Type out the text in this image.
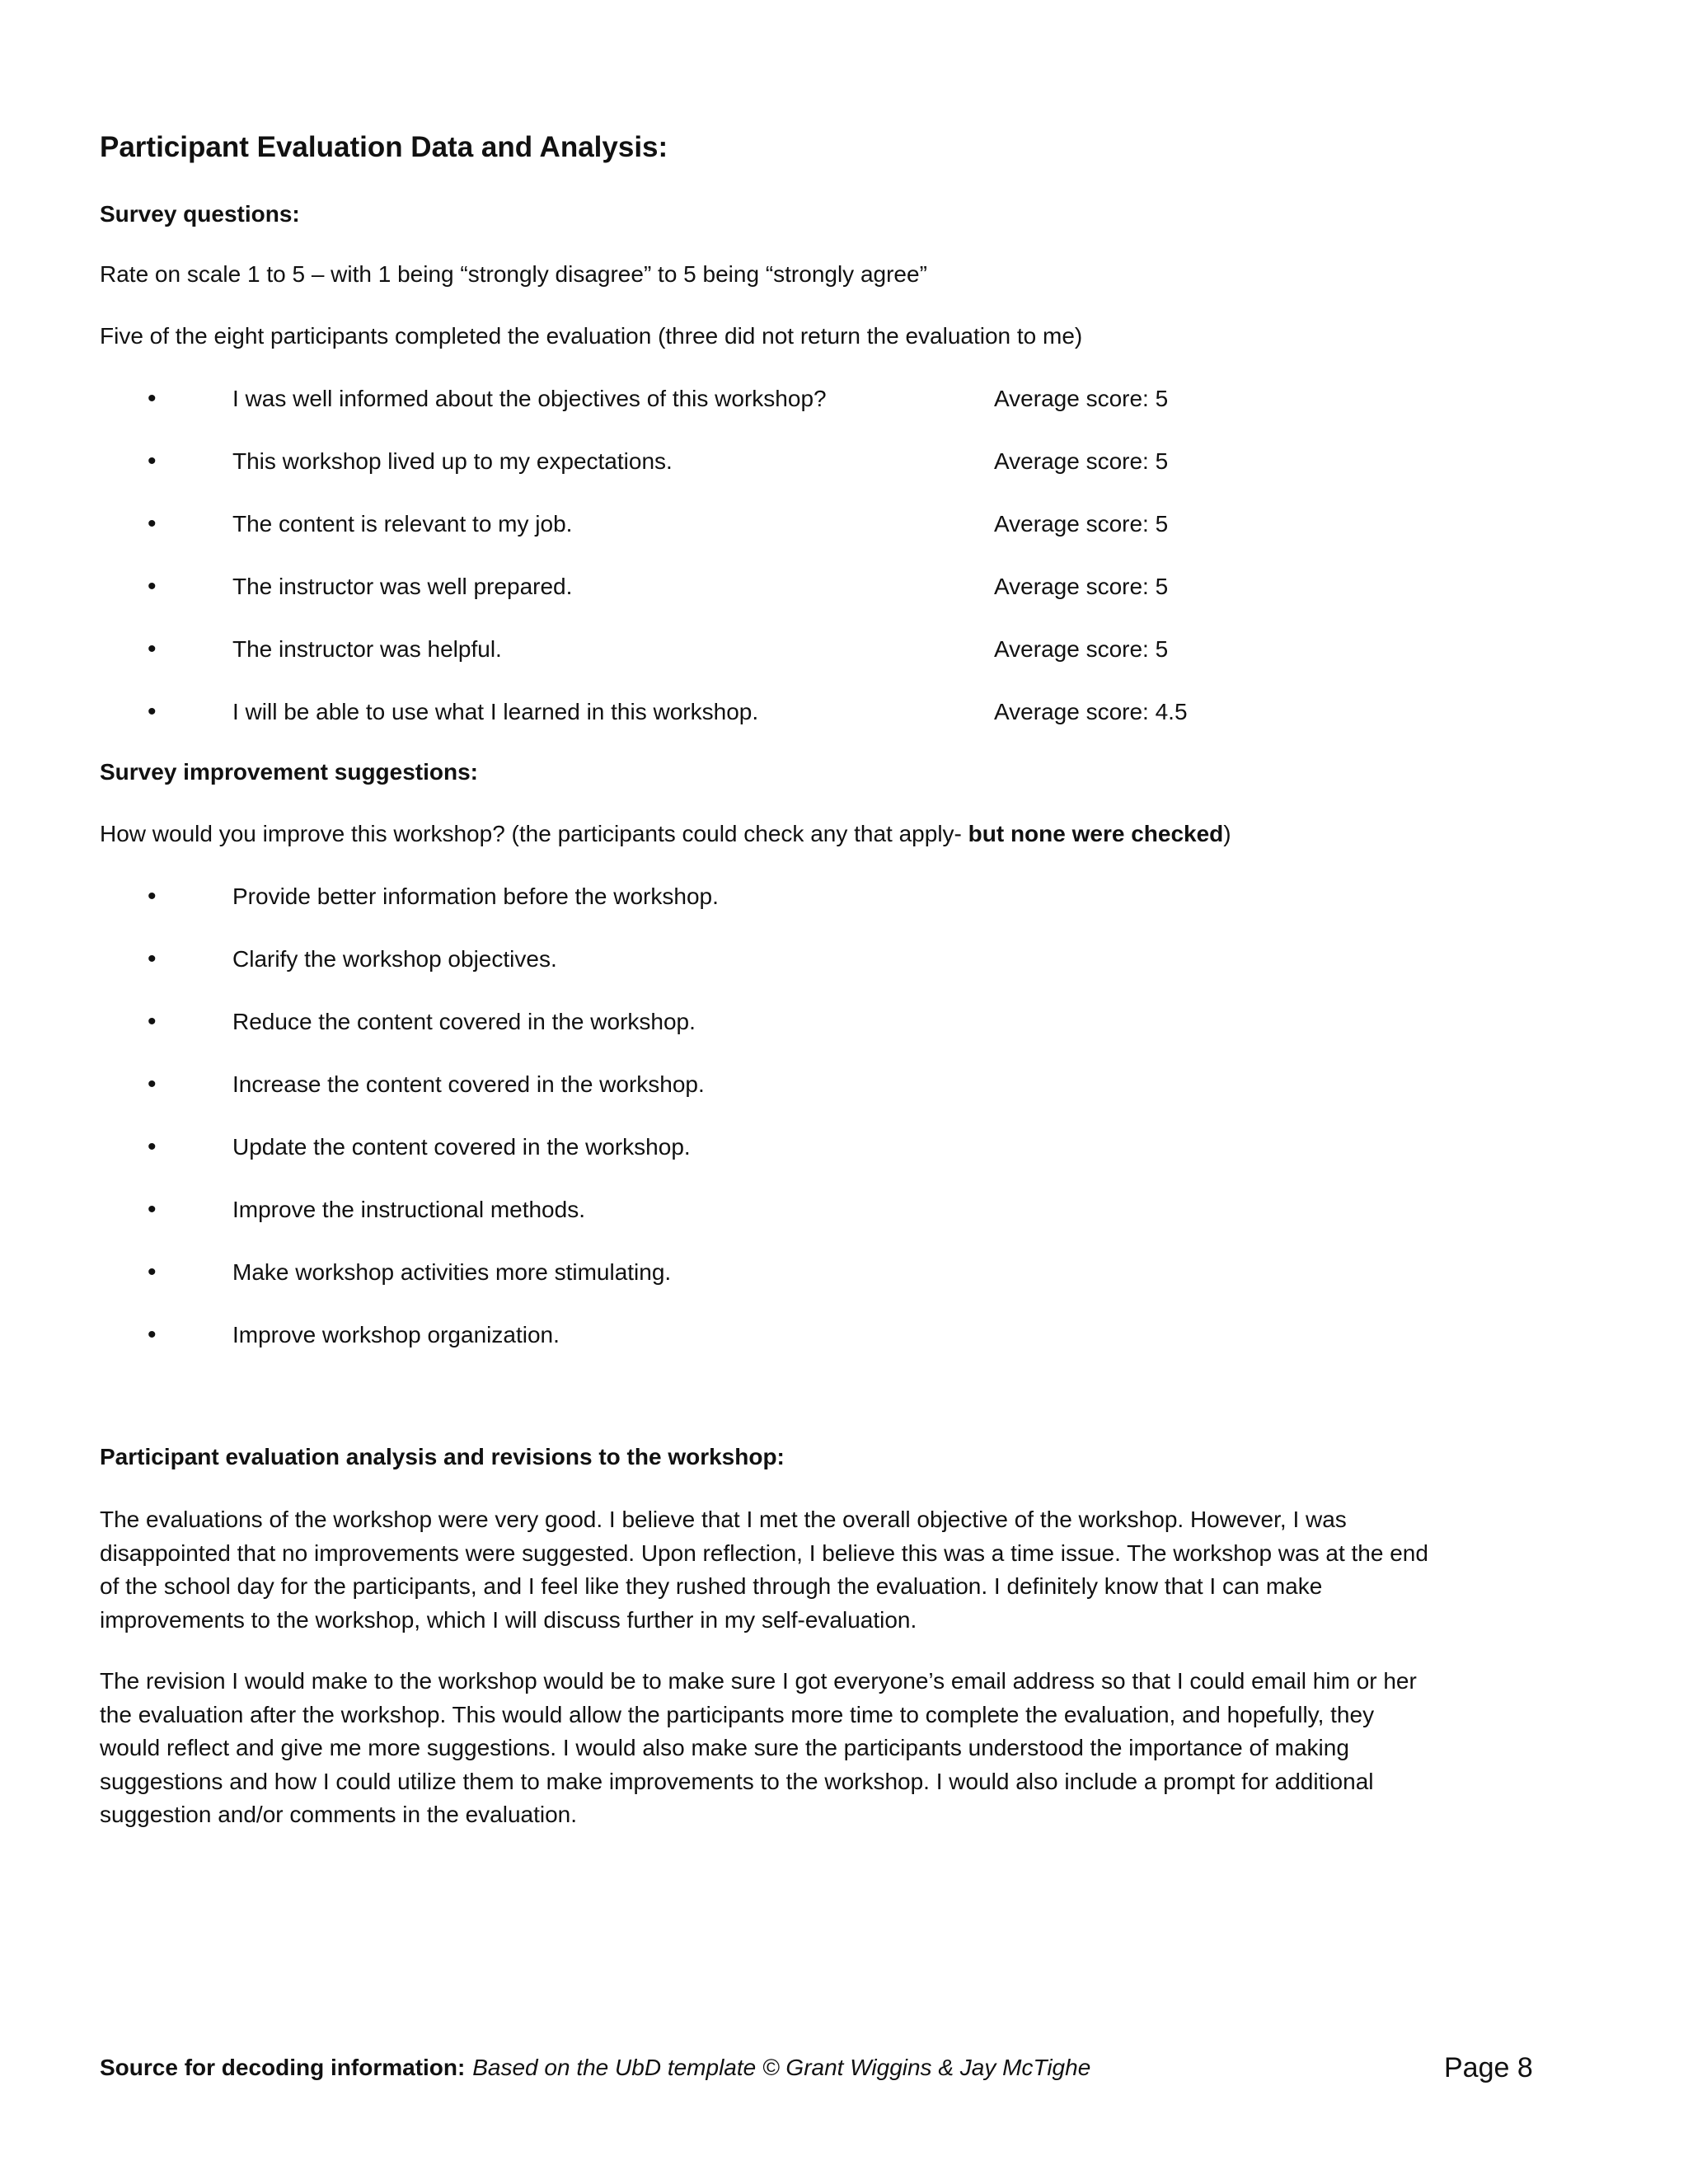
Participant Evaluation Data and Analysis:
Survey questions:
Rate on scale 1 to 5 – with 1 being “strongly disagree” to 5 being “strongly agree”
Five of the eight participants completed the evaluation (three did not return the evaluation to me)
•	I was well informed about the objectives of this workshop?	Average score: 5
•	This workshop lived up to my expectations.	Average score: 5
•	The content is relevant to my job.	Average score: 5
•	The instructor was well prepared.	Average score: 5
•	The instructor was helpful.	Average score: 5
•	I will be able to use what I learned in this workshop.	Average score: 4.5
Survey improvement suggestions:
How would you improve this workshop? (the participants could check any that apply- but none were checked)
•	Provide better information before the workshop.
•	Clarify the workshop objectives.
•	Reduce the content covered in the workshop.
•	Increase the content covered in the workshop.
•	Update the content covered in the workshop.
•	Improve the instructional methods.
•	Make workshop activities more stimulating.
•	Improve workshop organization.
Participant evaluation analysis and revisions to the workshop:
The evaluations of the workshop were very good. I believe that I met the overall objective of the workshop. However, I was
disappointed that no improvements were suggested. Upon reflection, I believe this was a time issue. The workshop was at the end
of the school day for the participants, and I feel like they rushed through the evaluation. I definitely know that I can make
improvements to the workshop, which I will discuss further in my self-evaluation.
The revision I would make to the workshop would be to make sure I got everyone’s email address so that I could email him or her
the evaluation after the workshop. This would allow the participants more time to complete the evaluation, and hopefully, they
would reflect and give me more suggestions. I would also make sure the participants understood the importance of making
suggestions and how I could utilize them to make improvements to the workshop. I would also include a prompt for additional
suggestion and/or comments in the evaluation.
Source for decoding information: Based on the UbD template © Grant Wiggins & Jay McTighe	Page 8
